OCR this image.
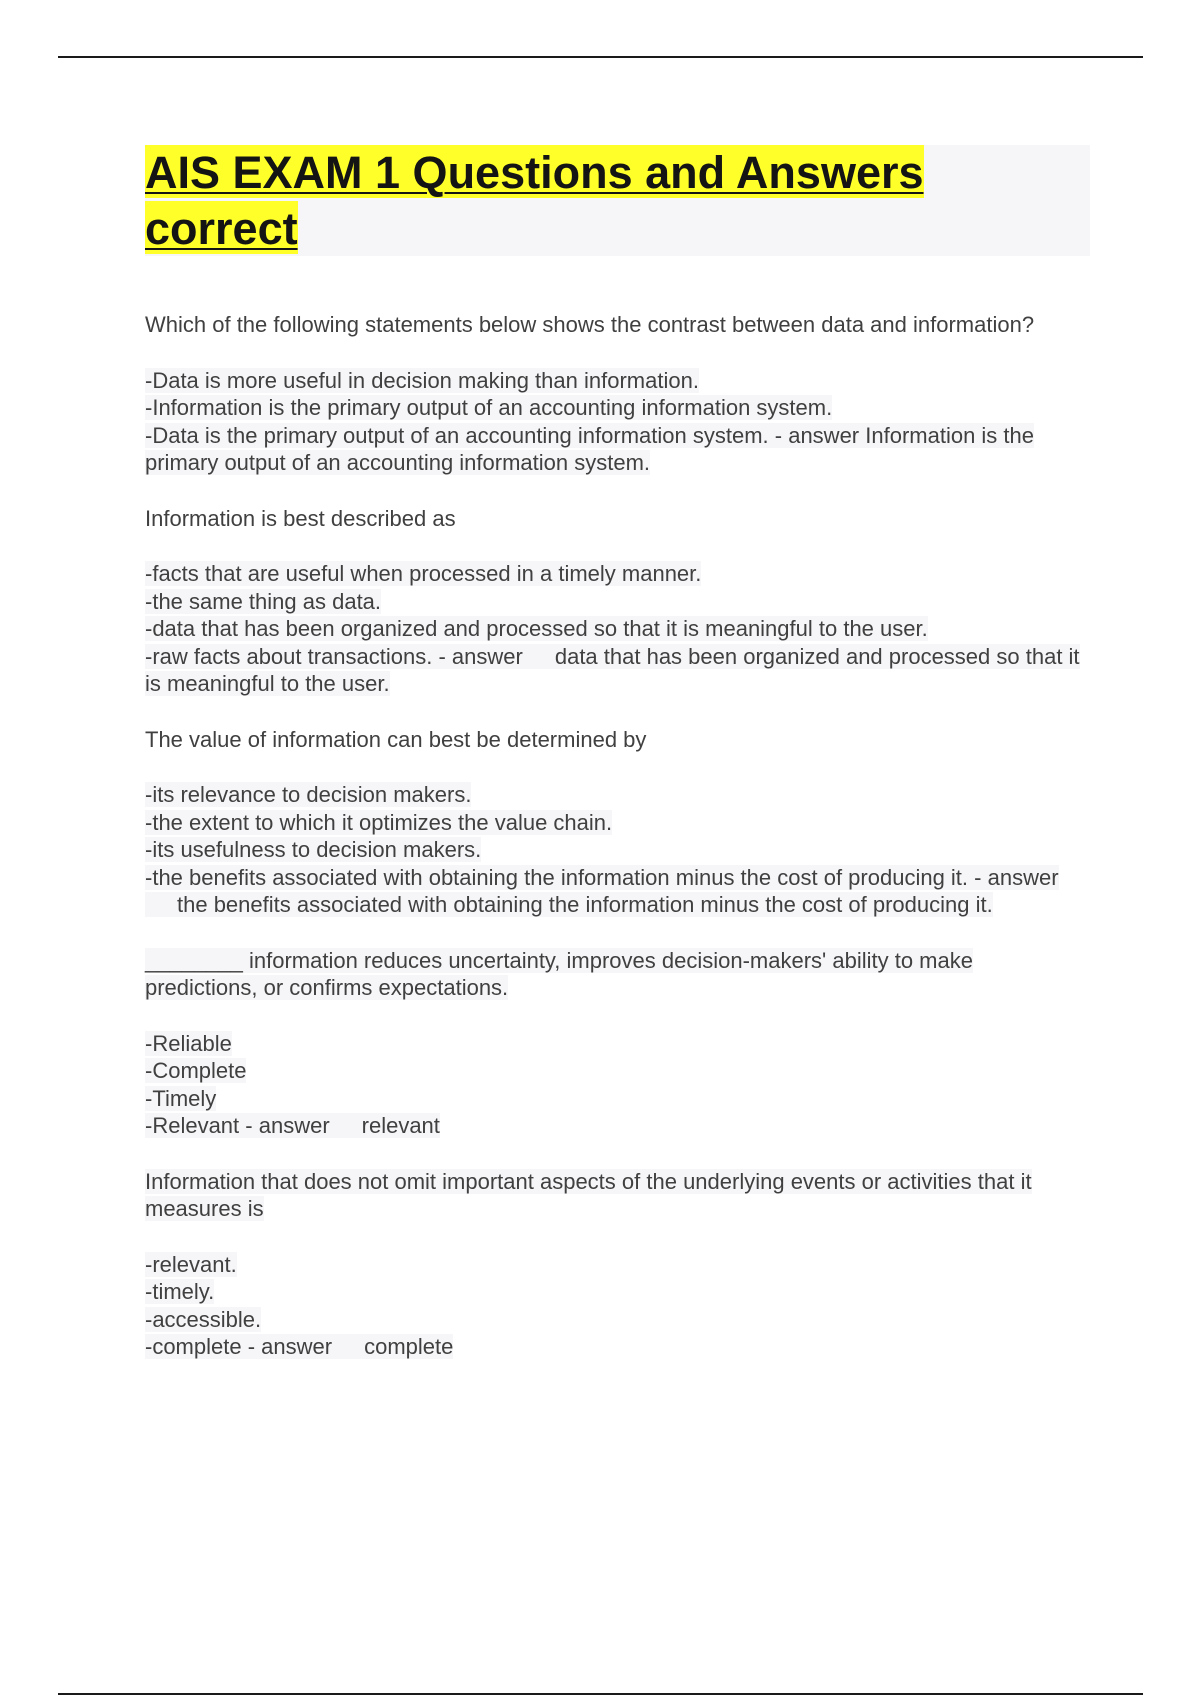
AIS EXAM 1 Questions and Answers
correct
Which of the following statements below shows the contrast between data and information?
-Data is more useful in decision making than information.
-Information is the primary output of an accounting information system.
-Data is the primary output of an accounting information system. - answer Information is the primary output of an accounting information system.
Information is best described as
-facts that are useful when processed in a timely manner.
-the same thing as data.
-data that has been organized and processed so that it is meaningful to the user.
-raw facts about transactions. - answer data that has been organized and processed so that it is meaningful to the user.
The value of information can best be determined by
-its relevance to decision makers.
-the extent to which it optimizes the value chain.
-its usefulness to decision makers.
-the benefits associated with obtaining the information minus the cost of producing it. - answerthe benefits associated with obtaining the information minus the cost of producing it.
________ information reduces uncertainty, improves decision-makers' ability to make predictions, or confirms expectations.
-Reliable
-Complete
-Timely
-Relevant - answer relevant
Information that does not omit important aspects of the underlying events or activities that it measures is
-relevant.
-timely.
-accessible.
-complete - answer complete
